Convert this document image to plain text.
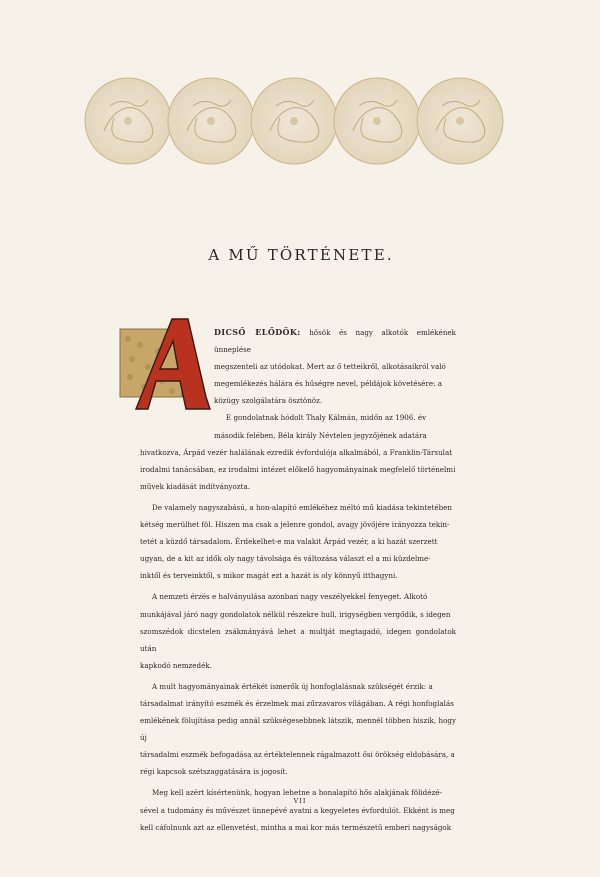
A MŰ TÖRTÉNETE.
A

DICSŐ ELŐDÖK: hősök és nagy alkotók emlékének ünneplése

megszenteli az utódokat. Mert az ő tetteikről, alkotásaikról való
megemlékezés hálára és hűségre nevel, példájok követésére: a
közügy szolgálatára ösztönöz.

E gondolatnak hódolt Thaly Kálmán, midőn az 1906. év

második felében, Béla király Névtelen jegyzőjének adatára
hivatkozva, Árpád vezér halálának ezredik évfordulója alkalmából, a Franklin-Társulat
irodalmi tanácsában, ez irodalmi intézet előkelő hagyományainak megfelelő történelmi
művek kiadását indítványozta.

De valamely nagyszabású, a hon-alapító emlékéhez méltó mű kiadása tekintetében
kétség merülhet föl. Hiszen ma csak a jelenre gondol, avagy jövőjére irányozza tekin-
tetét a küzdő társadalom. Érdekelhet-e ma valakit Árpád vezér, a ki hazát szerzett
ugyan, de a kit az idők oly nagy távolsága és változása választ el a mi küzdelme-
inktől és terveinktől, s mikor magát ezt a hazát is oly könnyű itthagyni.

A nemzeti érzés e halványulása azonban nagy veszélyekkel fenyeget. Alkotó
munkájával járó nagy gondolatok nélkül részekre hull, irigységben vergődik, s idegen
szomszédok dicstelen zsákmányává lehet a multját megtagadó, idegen gondolatok után
kapkodó nemzedék.

A mult hagyományainak értékét ismerők új honfoglalásnak szükségét érzik: a
társadalmat irányító eszmék és érzelmek mai zűrzavaros világában. A régi honfoglalás
emlékének fölujítása pedig annál szükségesebbnek látszik, mennél többen hiszik, hogy új
társadalmi eszmék befogadása az értéktelennek rágalmazott ősi örökség eldobására, a
régi kapcsok szétszaggatására is jogosít.

Meg kell azért kísértenünk, hogyan lehetne a honalapító hős alakjának fölidézé-
sével a tudomány és művészet ünnepévé avatni a kegyeletes évfordulót. Ekként is meg
kell cáfolnunk azt az ellenvetést, mintha a mai kor más természetű emberi nagyságok

VII
